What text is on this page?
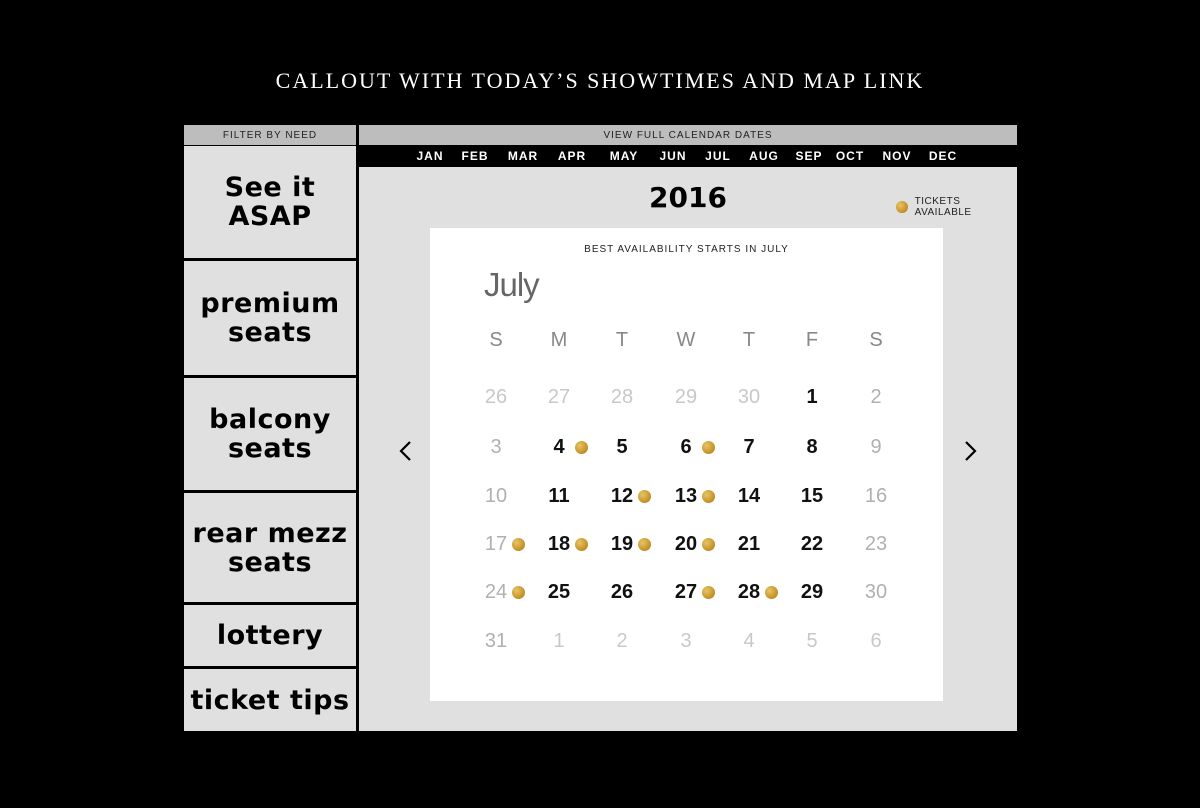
CALLOUT WITH TODAY’S SHOWTIMES AND MAP LINK
FILTER BY NEED
See it
ASAP
premium
seats
balcony
seats
rear mezz
seats
lottery
ticket tips
VIEW FULL CALENDAR DATES
JAN	FEB	MAR	APR	MAY	JUN	JUL	AUG	SEP	OCT	NOV	DEC
2016	TICKETS AVAILABLE
BEST AVAILABILITY STARTS IN JULY
July
S	M	T	W	T	F	S
26	27	28	29	30	1	2
3	4	5	6	7	8	9
10	11	12	13	14	15	16
17	18	19	20	21	22	23
24	25	26	27	28	29	30
31	1	2	3	4	5	6
